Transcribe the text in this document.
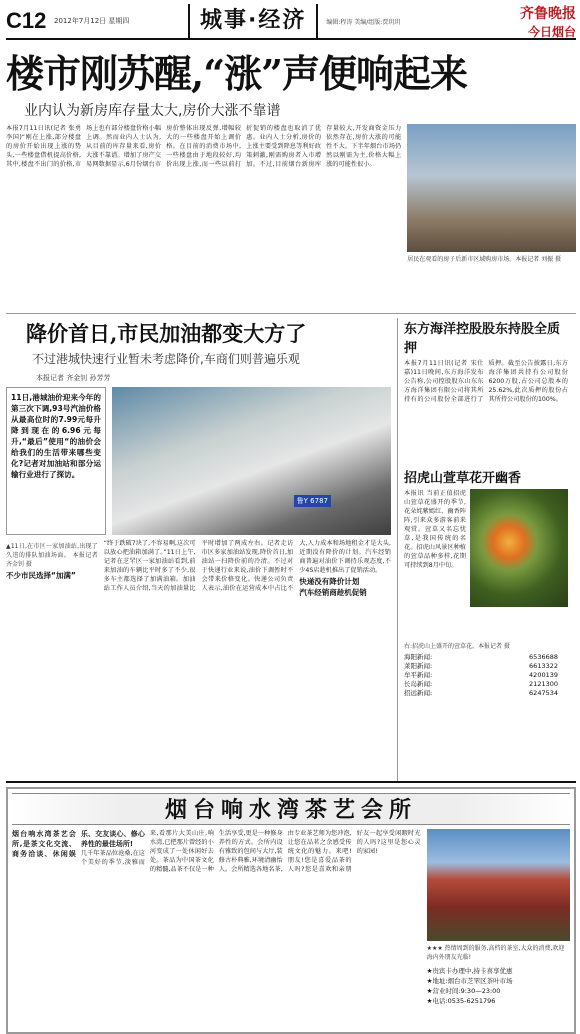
C12	2012年7月12日 星期四	城事·经济	编辑:程涛 美编/组版:贾玥玥
齐鲁晚报
今日烟台
楼市刚苏醒,“涨”声便响起来
业内认为新房库存量太大,房价大涨不靠谱
本报7月11日讯(记者 张勇 李国)“刚在上涨,部分楼盘的房价开始出现上涨的势头,一些楼盘借机提高价格,其中,楼盘不出门的价格,市场上也有部分楼盘价格小幅上调。然而业内人士认为,从目前的库存量来看,房价大涨不靠谱。增加了房产交易网数据显示,6月份烟台市房价整体出现反弹,增幅较大的一些楼盘开始上调价格。在目前的消费市场中,一些楼盘由于地段较好,均价出现上涨,而一些以前打折促销的楼盘也取消了优惠。业内人士分析,房价的上涨主要受到降息等利好政策刺激,刚需购房者入市增加。不过,目前烟台新房库存量较大,开发商资金压力依然存在,房价大涨的可能性不大。下半年烟台市场仍然以刚需为主,价格大幅上涨的可能性很小。
居民在观看的房子后新市区域购房市场。本报记者 刘振 摄
降价首日,市民加油都变大方了
不过港城快速行业暂未考虑降价,车商们则普遍乐观
本报记者 齐金钊 孙芳芳
11日,港城油价迎来今年的第三次下调,93号汽油价格从最高位时的7.99元每升降到现在的6.96元每升,“最后”使用“的油价会给我们的生活带来哪些变化?记者对加油站和部分运输行业进行了探访。
鲁Y 6787
▲11日,在市区一家加油站,出现了久违的排队加油场面。 本报记者 齐金钊 摄
不少市民选择“加满”
“终于跌破7块了,不容易啊,这次可以放心把油箱加满了。”11日上午,记者在芝罘区一家加油站看到,前来加油的车辆比平时多了不少,很多车主都选择了加满油箱。加油站工作人员介绍,当天的加油量比平时增加了两成左右。记者走访市区多家加油站发现,降价首日,加油站一扫降价前的冷清。不过对于快递行业来说,油价下调暂时不会带来价格变化。快递公司负责人表示,油价在运营成本中占比不大,人力成本和场地租金才是大头,近期没有降价的计划。汽车经销商普遍对油价下调持乐观态度,不少4S店趁机推出了促销活动。
快递没有降价计划
汽车经销商趁机促销
东方海洋控股股东持股全质押
本报7月11日讯(记者 宋仕嘉)11日晚间,东方海洋发布公告称,公司控股股东山东东方海洋集团有限公司将其所持有的公司股份全部进行了质押。截至公告披露日,东方海洋集团共持有公司股份6200万股,占公司总股本的25.62%,此次质押的股份占其所持公司股份的100%。
招虎山萱草花开幽香
本报讯 当前正值招虎山萱草花盛开的季节,花朵姹紫嫣红、幽香阵阵,引来众多游客前来观赏。萱草又名忘忧草,是我国传统的名花。招虎山风景区种植的萱草品种多样,花期可持续到8月中旬。
右:招虎山上盛开的萱草花。本报记者 摄
海阳新闻:	6536688
莱阳新闻:	6613322
牟平新闻:	4200139
长岛新闻:	2121300
招远新闻:	6247534
烟台响水湾茶艺会所
烟台响水湾茶艺会所,是茶文化交流、商务洽谈、休闲娱乐、交友谈心、修心养性的最佳场所!
几千年茶品位沧桑,在这个美好的季节,淡雅而来,看那片大美山庄,响水湾,已把那片曾经的小河变成了一处休闲好去处。茶品为中国茶文化的精髓,品茶不仅是一种生活享受,更是一种修身养性的方式。会所内设有雅致的包间与大厅,装修古朴典雅,环境清幽怡人。会所精选各地名茶,由专业茶艺师为您冲泡,让您在品茗之余感受传统文化的魅力。来吧!朋友!您是喜爱品茶的人吗?您是喜欢和亲朋好友一起享受闲暇时光的人吗?这里是您心灵的家园!
★★★ 热情周到的服务,高档的茶室,大众的消费,欢迎海内外朋友光临!
★贵宾卡办理中,持卡喜享优惠
★地址:烟台市芝罘区茶叶市场
★营业时间:9:30—23:00
★电话:0535-6251796
